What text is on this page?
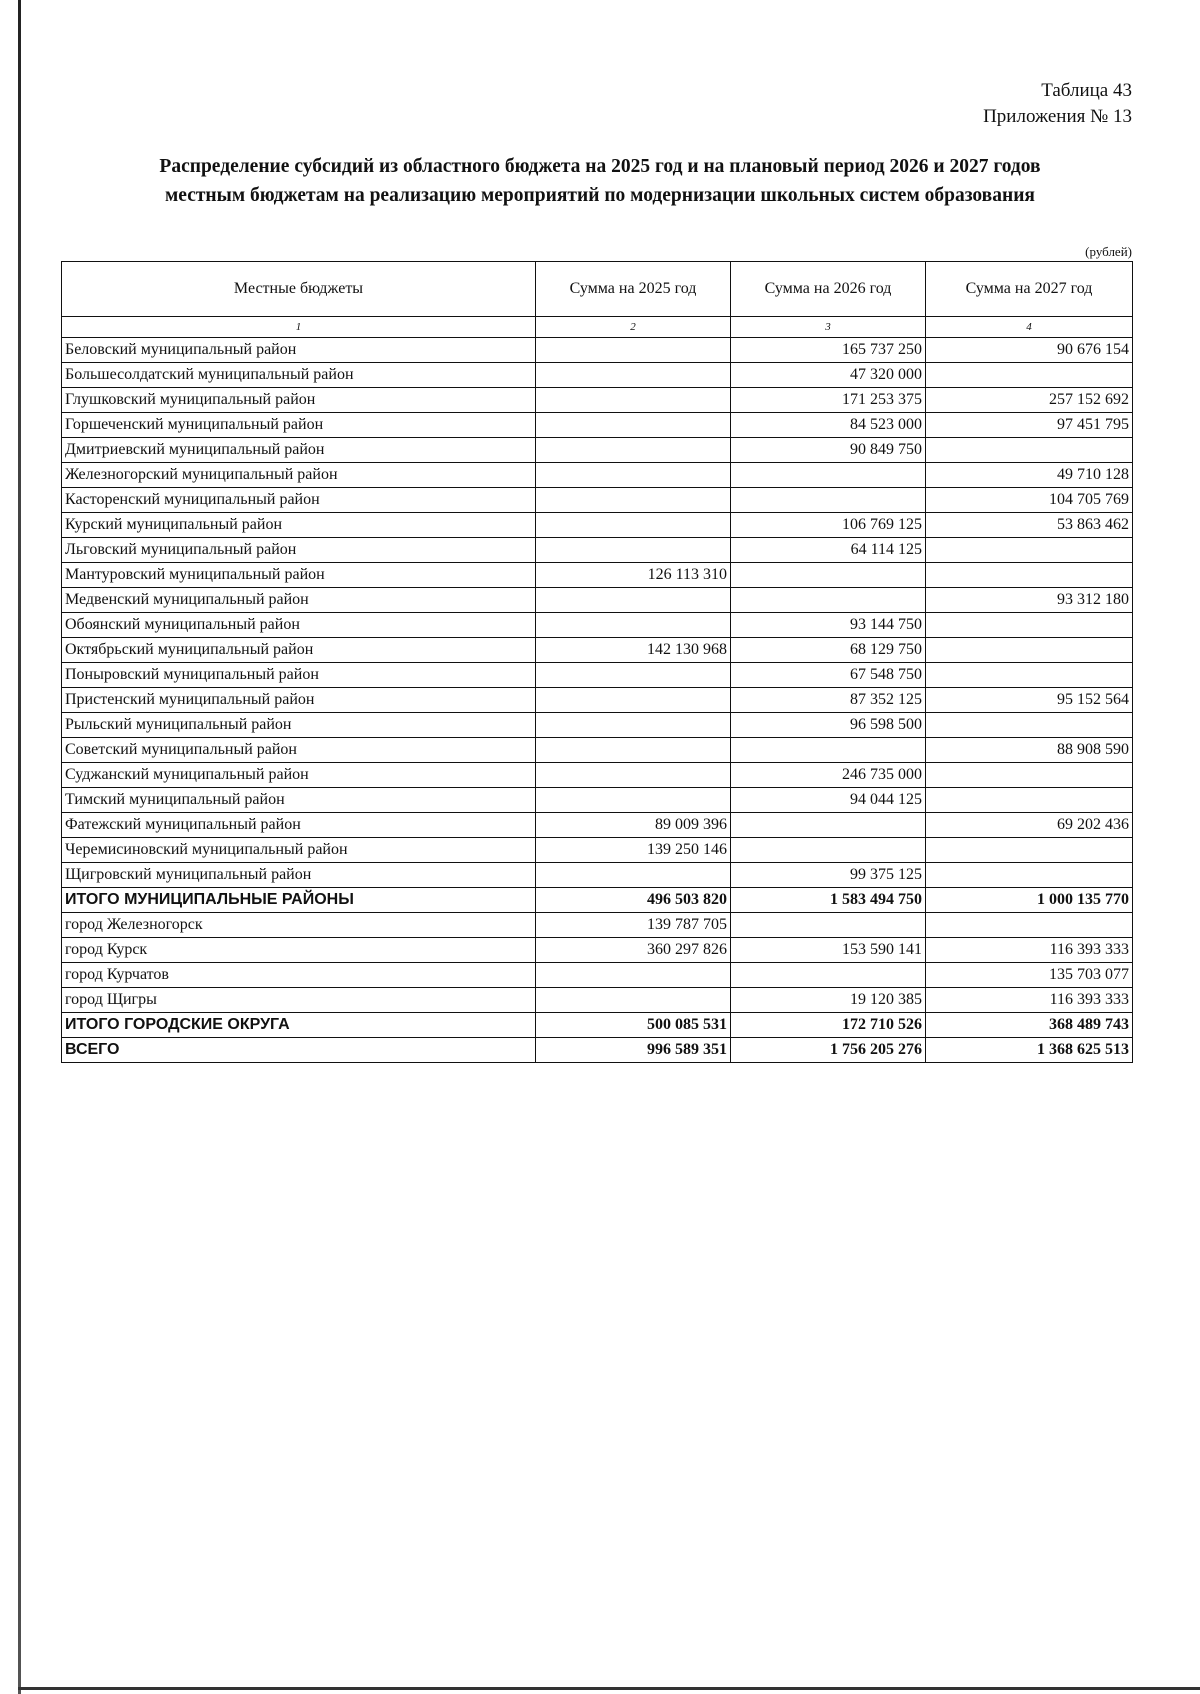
Таблица 43
Приложения № 13
Распределение субсидий из областного бюджета на 2025 год и на плановый период 2026 и 2027 годов
местным бюджетам на реализацию мероприятий по модернизации школьных систем образования
(рублей)
Местные бюджеты	Сумма на 2025 год	Сумма на 2026 год	Сумма на 2027 год
1	2	3	4
Беловский муниципальный район		165 737 250	90 676 154
Большесолдатский муниципальный район		47 320 000	
Глушковский муниципальный район		171 253 375	257 152 692
Горшеченский муниципальный район		84 523 000	97 451 795
Дмитриевский муниципальный район		90 849 750	
Железногорский муниципальный район			49 710 128
Касторенский муниципальный район			104 705 769
Курский муниципальный район		106 769 125	53 863 462
Льговский муниципальный район		64 114 125	
Мантуровский муниципальный район	126 113 310		
Медвенский муниципальный район			93 312 180
Обоянский муниципальный район		93 144 750	
Октябрьский муниципальный район	142 130 968	68 129 750	
Поныровский муниципальный район		67 548 750	
Пристенский муниципальный район		87 352 125	95 152 564
Рыльский муниципальный район		96 598 500	
Советский муниципальный район			88 908 590
Суджанский муниципальный район		246 735 000	
Тимский муниципальный район		94 044 125	
Фатежский муниципальный район	89 009 396		69 202 436
Черемисиновский муниципальный район	139 250 146		
Щигровский муниципальный район		99 375 125	
ИТОГО МУНИЦИПАЛЬНЫЕ РАЙОНЫ	496 503 820	1 583 494 750	1 000 135 770
город Железногорск	139 787 705		
город Курск	360 297 826	153 590 141	116 393 333
город Курчатов			135 703 077
город Щигры		19 120 385	116 393 333
ИТОГО ГОРОДСКИЕ ОКРУГА	500 085 531	172 710 526	368 489 743
ВСЕГО	996 589 351	1 756 205 276	1 368 625 513
